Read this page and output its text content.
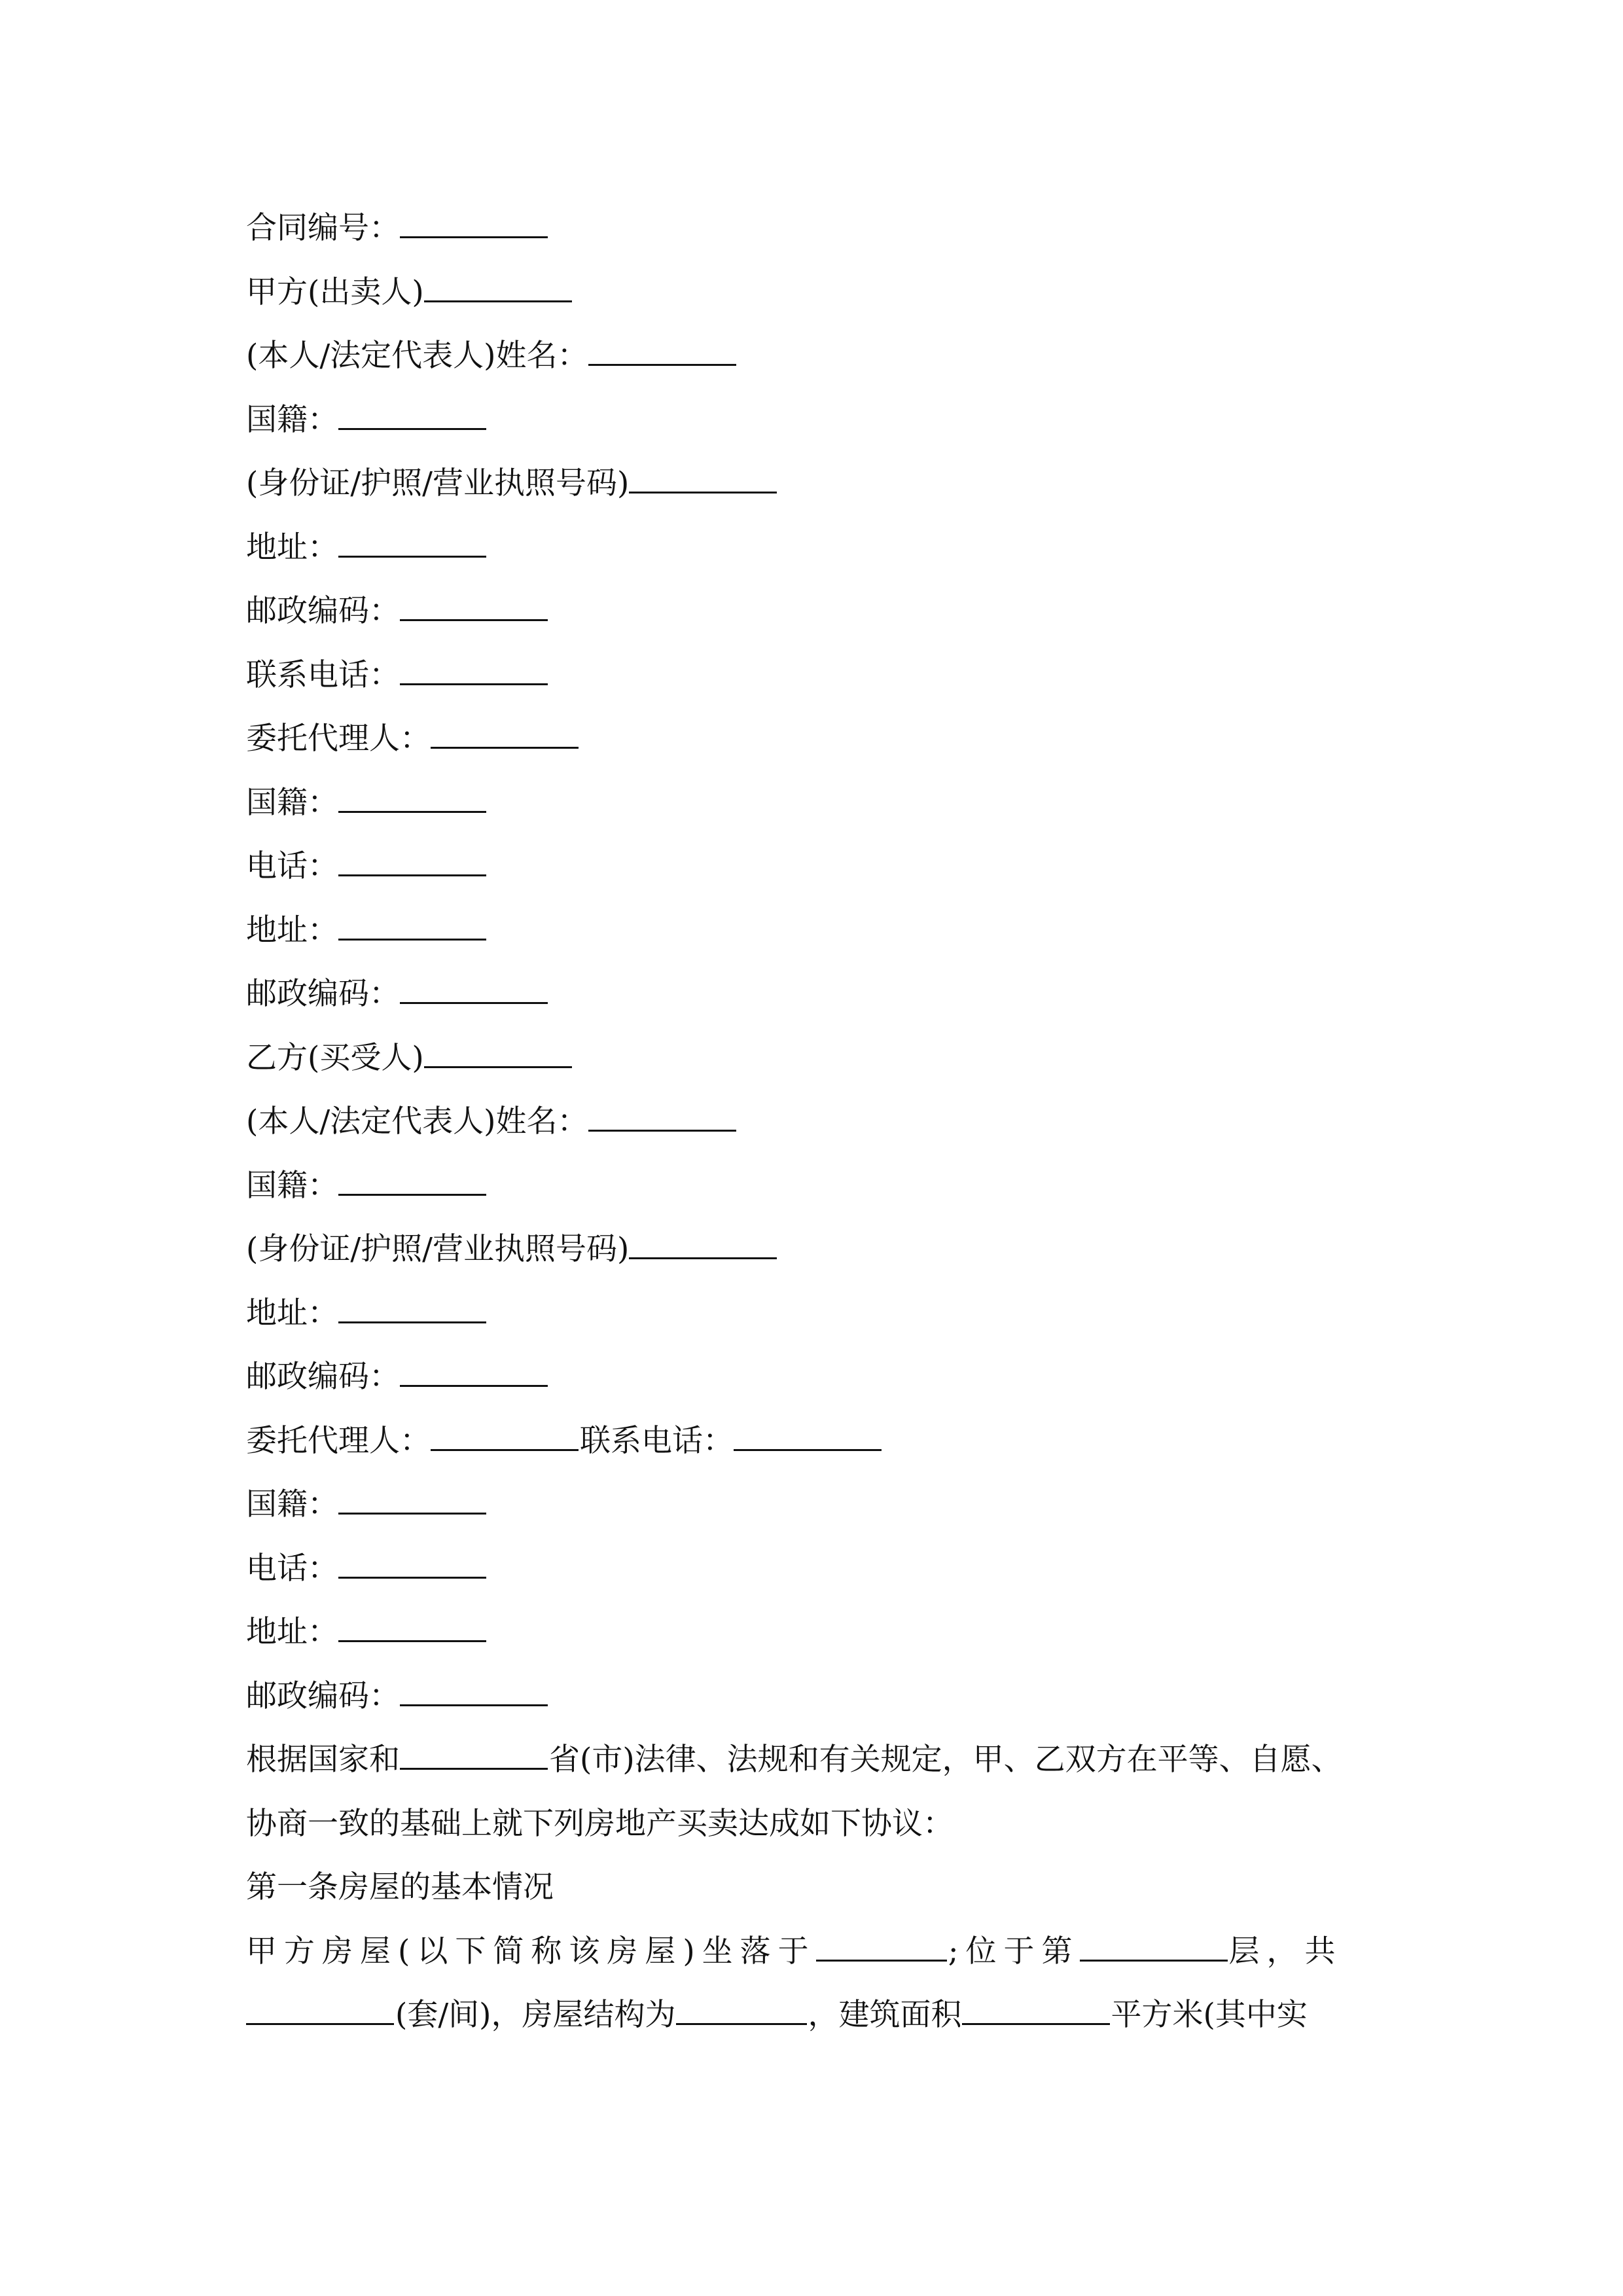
合同编号：
甲方(出卖人)
(本人/法定代表人)姓名：
国籍：
(身份证/护照/营业执照号码)
地址：
邮政编码：
联系电话：
委托代理人：
国籍：
电话：
地址：
邮政编码：
乙方(买受人)
(本人/法定代表人)姓名：
国籍：
(身份证/护照/营业执照号码)
地址：
邮政编码：
委托代理人：	联系电话：
国籍：
电话：
地址：
邮政编码：
根据国家和	省(市)法律、法规和有关规定，甲、乙双方在平等、自愿、
协商一致的基础上就下列房地产买卖达成如下协议：
第一条房屋的基本情况
甲方房屋(以下简称该房屋)坐落于	;位于第	层，共
(套/间)，房屋结构为	，建筑面积	平方米(其中实
